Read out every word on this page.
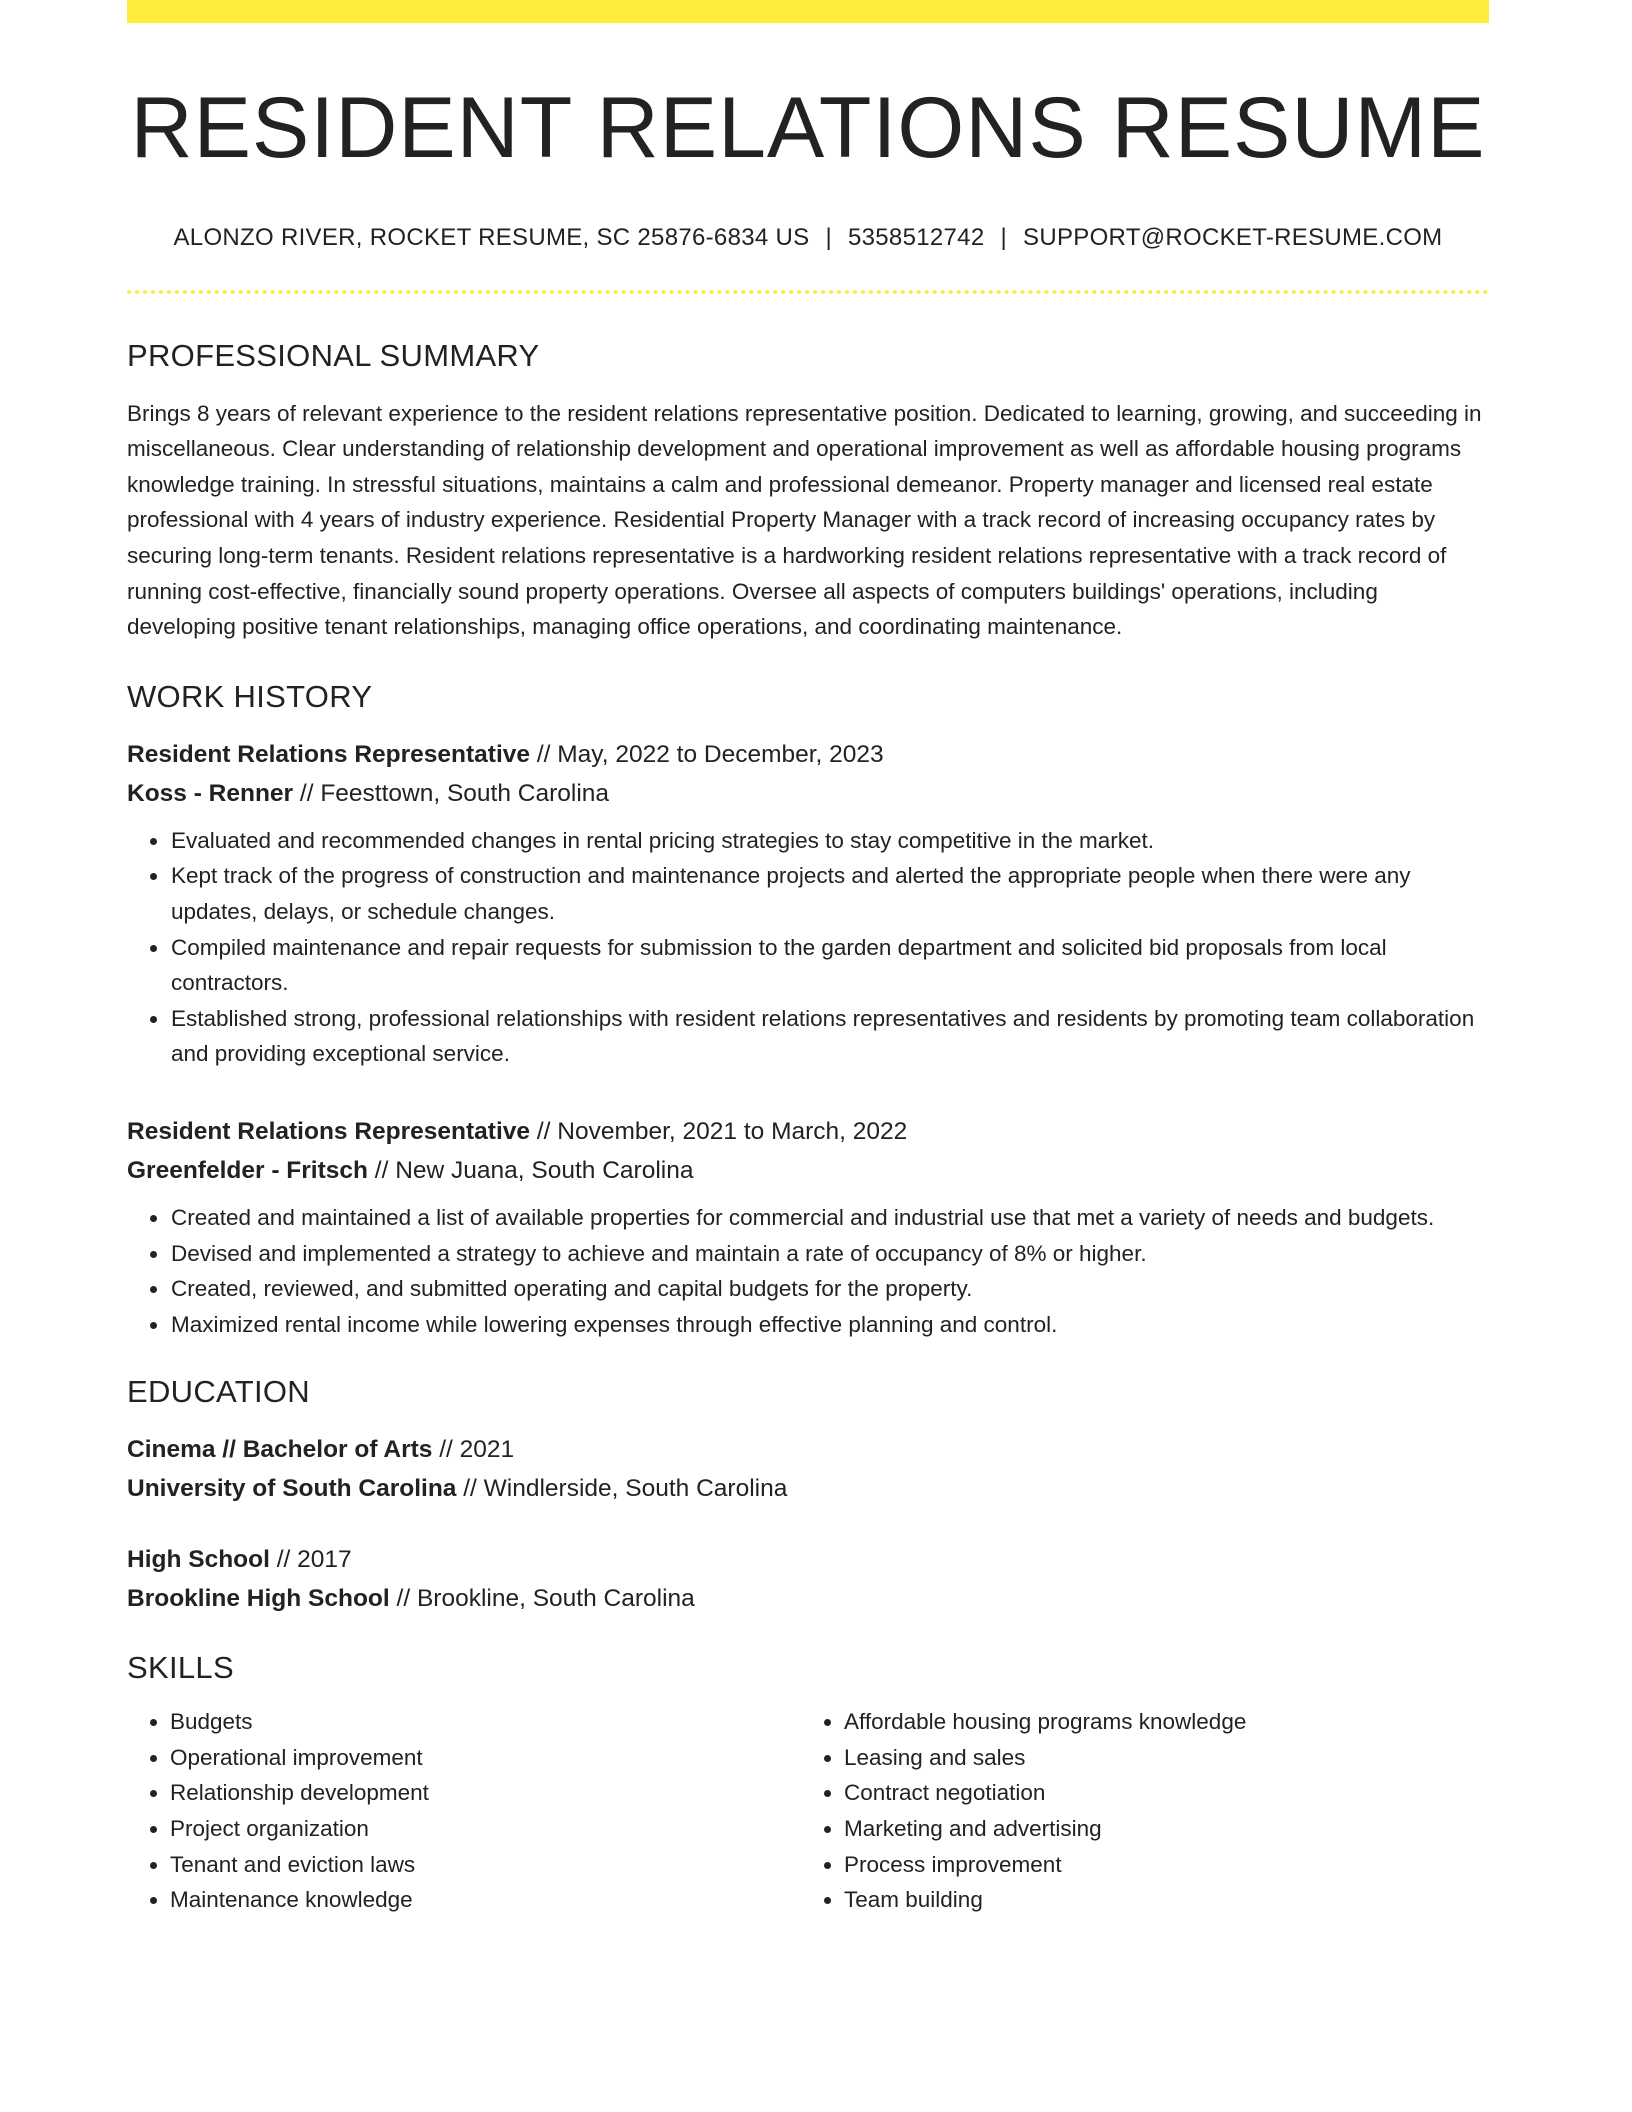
RESIDENT RELATIONS RESUME
ALONZO RIVER, ROCKET RESUME, SC 25876-6834 US | 5358512742 | SUPPORT@ROCKET-RESUME.COM
PROFESSIONAL SUMMARY

Brings 8 years of relevant experience to the resident relations representative position. Dedicated to learning, growing, and succeeding in miscellaneous. Clear understanding of relationship development and operational improvement as well as affordable housing programs knowledge training. In stressful situations, maintains a calm and professional demeanor. Property manager and licensed real estate professional with 4 years of industry experience. Residential Property Manager with a track record of increasing occupancy rates by securing long-term tenants. Resident relations representative is a hardworking resident relations representative with a track record of running cost-effective, financially sound property operations. Oversee all aspects of computers buildings' operations, including developing positive tenant relationships, managing office operations, and coordinating maintenance.

WORK HISTORY
Resident Relations Representative // May, 2022 to December, 2023
Koss - Renner // Feesttown, South Carolina
• Evaluated and recommended changes in rental pricing strategies to stay competitive in the market.
• Kept track of the progress of construction and maintenance projects and alerted the appropriate people when there were any updates, delays, or schedule changes.
• Compiled maintenance and repair requests for submission to the garden department and solicited bid proposals from local contractors.
• Established strong, professional relationships with resident relations representatives and residents by promoting team collaboration and providing exceptional service.
Resident Relations Representative // November, 2021 to March, 2022
Greenfelder - Fritsch // New Juana, South Carolina
• Created and maintained a list of available properties for commercial and industrial use that met a variety of needs and budgets.
• Devised and implemented a strategy to achieve and maintain a rate of occupancy of 8% or higher.
• Created, reviewed, and submitted operating and capital budgets for the property.
• Maximized rental income while lowering expenses through effective planning and control.
EDUCATION
Cinema // Bachelor of Arts // 2021
University of South Carolina // Windlerside, South Carolina
High School // 2017
Brookline High School // Brookline, South Carolina
SKILLS
• Budgets
• Operational improvement
• Relationship development
• Project organization
• Tenant and eviction laws
• Maintenance knowledge
• Affordable housing programs knowledge
• Leasing and sales
• Contract negotiation
• Marketing and advertising
• Process improvement
• Team building
